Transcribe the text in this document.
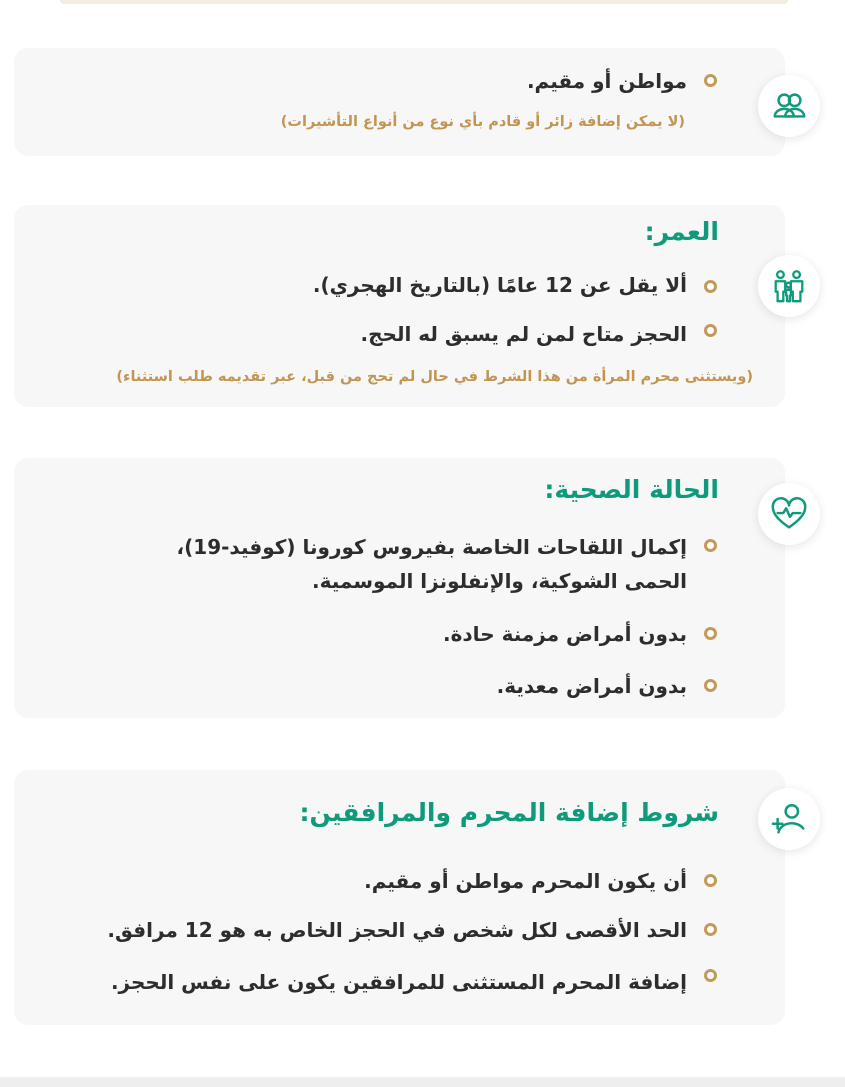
مواطن أو مقيم.
(لا يمكن إضافة زائر أو قادم بأي نوع من أنواع التأشيرات)
العمر:
ألا يقل عن 12 عامًا (بالتاريخ الهجري).
الحجز متاح لمن لم يسبق له الحج.
(ويستثنى محرم المرأة من هذا الشرط في حال لم تحج من قبل، عبر تقديمه طلب استثناء)
الحالة الصحية:
إكمال اللقاحات الخاصة بفيروس كورونا (كوفيد-19)،
الحمى الشوكية، والإنفلونزا الموسمية.
بدون أمراض مزمنة حادة.
بدون أمراض معدية.
شروط إضافة المحرم والمرافقين:
أن يكون المحرم مواطن أو مقيم.
الحد الأقصى لكل شخص في الحجز الخاص به هو 12 مرافق.
إضافة المحرم المستثنى للمرافقين يكون على نفس الحجز.
